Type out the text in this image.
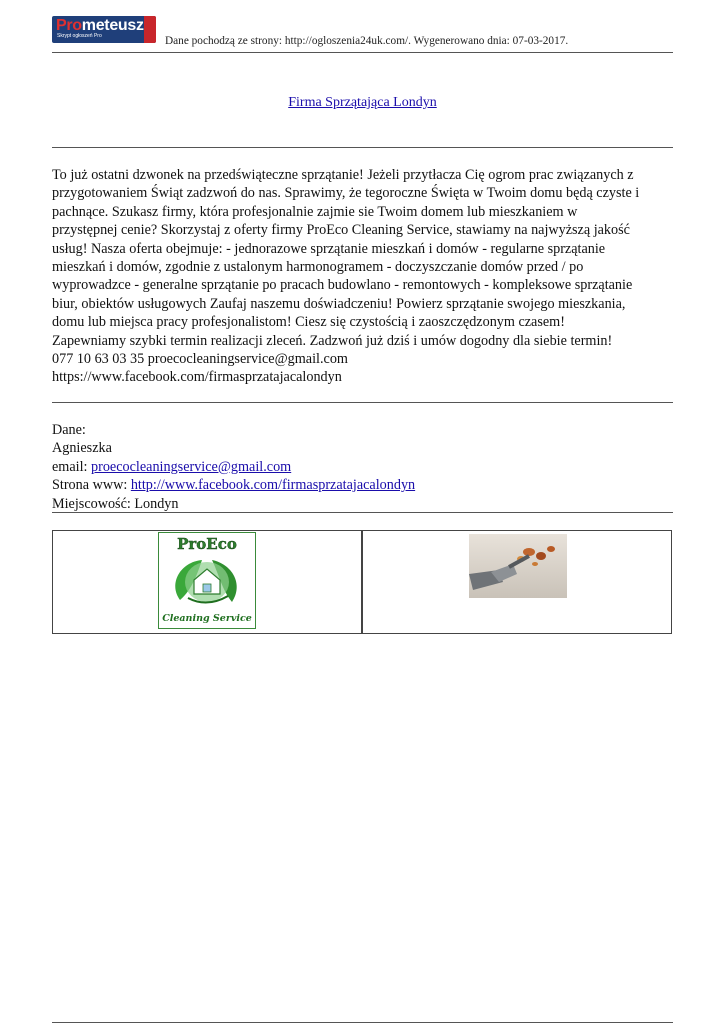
Prometeusz
Skrypt ogłoszeń Pro	Dane pochodzą ze strony: http://ogloszenia24uk.com/. Wygenerowano dnia: 07-03-2017.
Firma Sprzątająca Londyn
To już ostatni dzwonek na przedświąteczne sprzątanie! Jeżeli przytłacza Cię ogrom prac związanych z
przygotowaniem Świąt zadzwoń do nas. Sprawimy, że tegoroczne Święta w Twoim domu będą czyste i
pachnące. Szukasz firmy, która profesjonalnie zajmie sie Twoim domem lub mieszkaniem w
przystępnej cenie? Skorzystaj z oferty firmy ProEco Cleaning Service, stawiamy na najwyższą jakość
usług! Nasza oferta obejmuje: - jednorazowe sprzątanie mieszkań i domów - regularne sprzątanie
mieszkań i domów, zgodnie z ustalonym harmonogramem - doczyszczanie domów przed / po
wyprowadzce - generalne sprzątanie po pracach budowlano - remontowych - kompleksowe sprzątanie
biur, obiektów usługowych Zaufaj naszemu doświadczeniu! Powierz sprzątanie swojego mieszkania,
domu lub miejsca pracy profesjonalistom! Ciesz się czystością i zaoszczędzonym czasem!
Zapewniamy szybki termin realizacji zleceń. Zadzwoń już dziś i umów dogodny dla siebie termin!
077 10 63 03 35 proecocleaningservice@gmail.com
https://www.facebook.com/firmasprzatajacalondyn
Dane:
Agnieszka
email: proecocleaningservice@gmail.com
Strona www: http://www.facebook.com/firmasprzatajacalondyn
Miejscowość: Londyn
ProEco
Cleaning Service
